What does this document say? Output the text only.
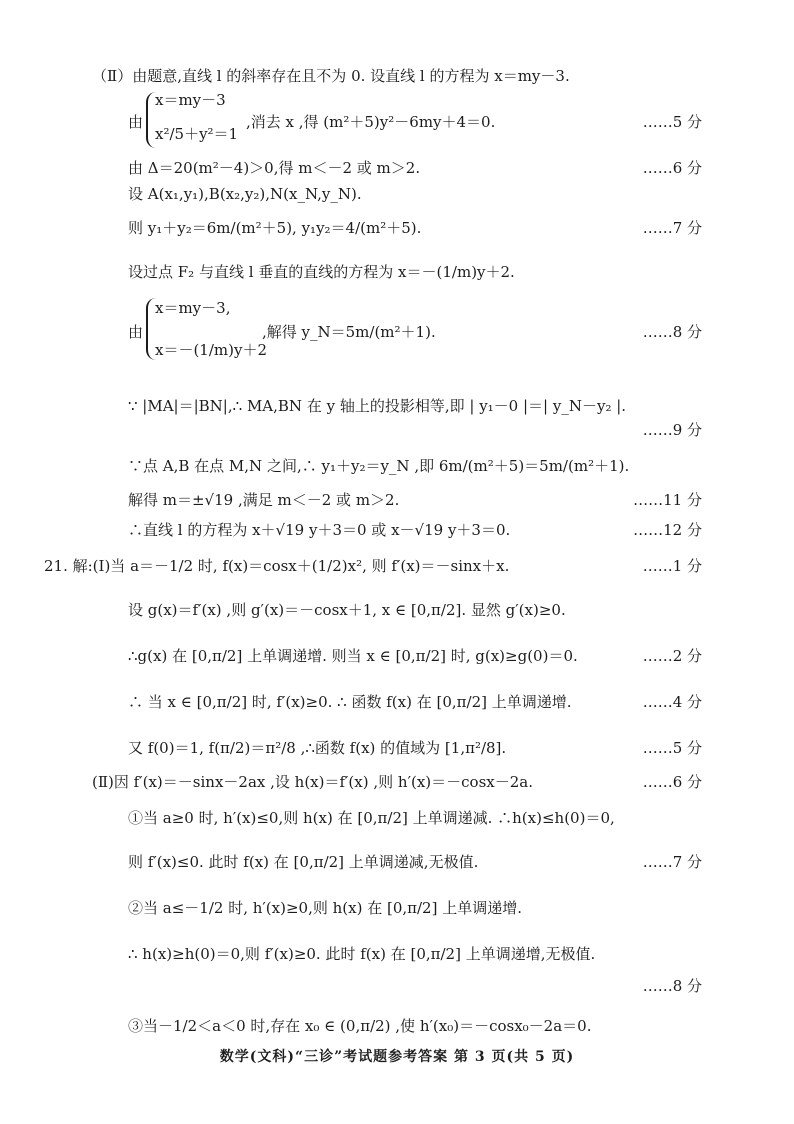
（Ⅱ）由题意,直线 l 的斜率存在且不为 0. 设直线 l 的方程为 x＝my－3.
x＝my－3
由
x²/5＋y²＝1
,消去 x ,得 (m²＋5)y²－6my＋4＝0.	……5 分
由 Δ＝20(m²－4)＞0,得 m＜－2 或 m＞2.	……6 分
设 A(x₁,y₁),B(x₂,y₂),N(x_N,y_N).
则 y₁＋y₂＝6m/(m²＋5), y₁y₂＝4/(m²＋5).	……7 分
设过点 F₂ 与直线 l 垂直的直线的方程为 x＝－(1/m)y＋2.
x＝my－3,
由
x＝－(1/m)y＋2
,解得 y_N＝5m/(m²＋1).	……8 分
∵ |MA|＝|BN|,∴ MA,BN 在 y 轴上的投影相等,即 | y₁－0 |＝| y_N－y₂ |.
……9 分
∵点 A,B 在点 M,N 之间,∴ y₁＋y₂＝y_N ,即 6m/(m²＋5)＝5m/(m²＋1).
解得 m＝±√19 ,满足 m＜－2 或 m＞2.	……11 分
∴直线 l 的方程为 x＋√19 y＋3＝0 或 x－√19 y＋3＝0.	……12 分
21. 解:(Ⅰ)当 a＝－1/2 时, f(x)＝cosx＋(1/2)x², 则 f′(x)＝－sinx＋x.	……1 分
设 g(x)＝f′(x) ,则 g′(x)＝－cosx＋1, x ∈ [0,π/2]. 显然 g′(x)≥0.
∴g(x) 在 [0,π/2] 上单调递增. 则当 x ∈ [0,π/2] 时, g(x)≥g(0)＝0.	……2 分
∴ 当 x ∈ [0,π/2] 时, f′(x)≥0. ∴ 函数 f(x) 在 [0,π/2] 上单调递增.	……4 分
又 f(0)＝1, f(π/2)＝π²/8 ,∴函数 f(x) 的值域为 [1,π²/8].	……5 分
(Ⅱ)因 f′(x)＝－sinx－2ax ,设 h(x)＝f′(x) ,则 h′(x)＝－cosx－2a.	……6 分
①当 a≥0 时, h′(x)≤0,则 h(x) 在 [0,π/2] 上单调递减. ∴h(x)≤h(0)＝0,
则 f′(x)≤0. 此时 f(x) 在 [0,π/2] 上单调递减,无极值.	……7 分
②当 a≤－1/2 时, h′(x)≥0,则 h(x) 在 [0,π/2] 上单调递增.
∴ h(x)≥h(0)＝0,则 f′(x)≥0. 此时 f(x) 在 [0,π/2] 上单调递增,无极值.
……8 分
③当－1/2＜a＜0 时,存在 x₀ ∈ (0,π/2) ,使 h′(x₀)＝－cosx₀－2a＝0.
数学(文科)“三诊”考试题参考答案 第 3 页(共 5 页)
